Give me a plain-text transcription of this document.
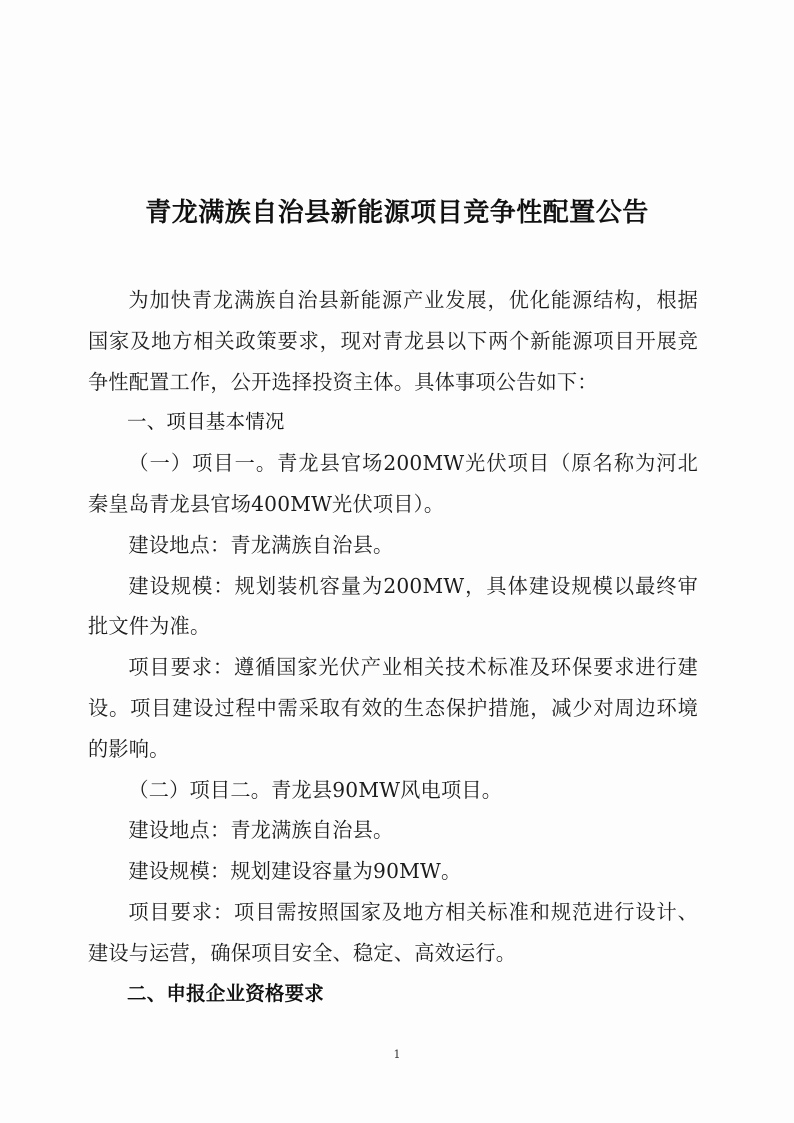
青龙满族自治县新能源项目竞争性配置公告

为加快青龙满族自治县新能源产业发展，优化能源结构，根据国家及地方相关政策要求，现对青龙县以下两个新能源项目开展竞争性配置工作，公开选择投资主体。具体事项公告如下：

一、项目基本情况

（一）项目一。青龙县官场200MW光伏项目（原名称为河北秦皇岛青龙县官场400MW光伏项目）。

建设地点：青龙满族自治县。

建设规模：规划装机容量为200MW，具体建设规模以最终审批文件为准。

项目要求：遵循国家光伏产业相关技术标准及环保要求进行建设。项目建设过程中需采取有效的生态保护措施，减少对周边环境的影响。

（二）项目二。青龙县90MW风电项目。

建设地点：青龙满族自治县。

建设规模：规划建设容量为90MW。

项目要求：项目需按照国家及地方相关标准和规范进行设计、建设与运营，确保项目安全、稳定、高效运行。

二、申报企业资格要求

1
